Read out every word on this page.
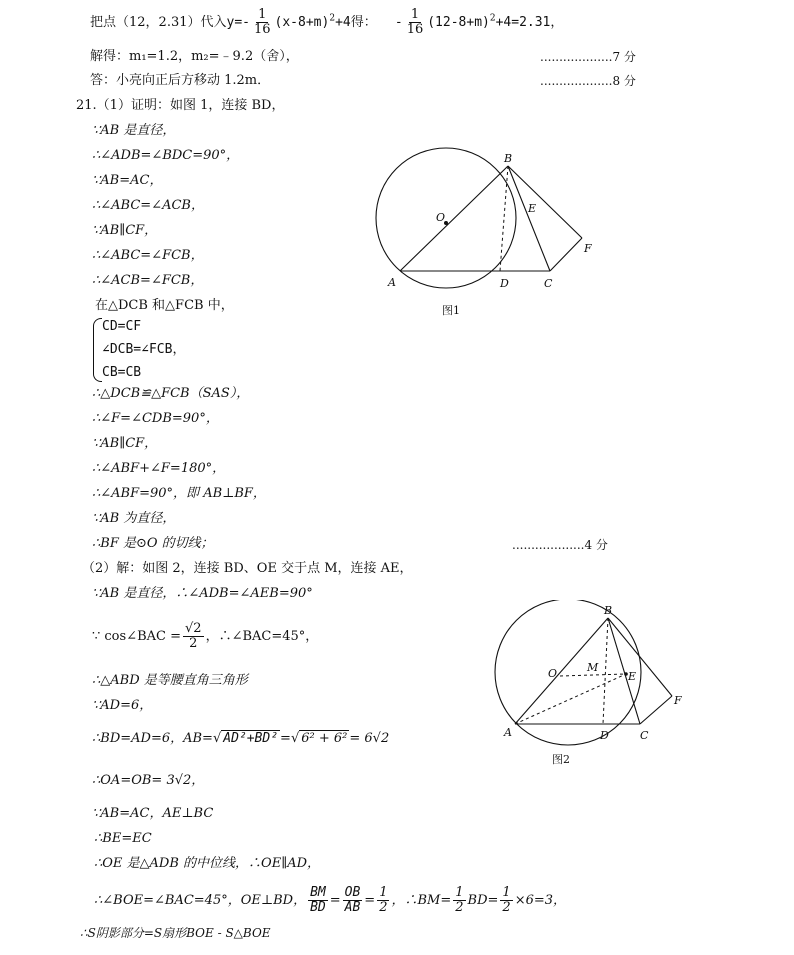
把点（12，2.31）代入$y=- \frac{1}{16} (x-8+m)^2+4$得： - $\frac{1}{16} (12-8+m)^2+4=2.31$，
解得：m₁=1.2，m₂=﹣9.2（舍），	...................7 分
答：小亮向正后方移动 1.2m．	...................8 分
21.（1）证明：如图 1，连接 BD，
∵AB 是直径，
∴∠ADB=∠BDC=90°，
∵AB=AC，
∴∠ABC=∠ACB，
∵AB∥CF，
∴∠ABC=∠FCB，
∴∠ACB=∠FCB，
在△DCB 和△FCB 中，
CD=CF
∠DCB=∠FCB，
CB=CB
∴△DCB≌△FCB（SAS），
∴∠F=∠CDB=90°，
∵AB∥CF，
∴∠ABF+∠F=180°，
∴∠ABF=90°，即 AB⊥BF，
∵AB 为直径，
∴BF 是⊙O 的切线；	...................4 分
B
O
E
F
A	D	C
图1
（2）解：如图 2，连接 BD、OE 交于点 M，连接 AE，
∵AB 是直径，∴∠ADB=∠AEB=90°
∵ cos∠BAC = $\frac{√2}{2}$ ，∴∠BAC=45°，
∴△ABD 是等腰直角三角形
∵AD=6，
∴BD=AD=6，AB=√ AD²+BD² =√ 6² + 6² = 6√2
∴OA=OB= 3√2，
∵AB=AC，AE⊥BC
∴BE=EC
∴OE 是△ADB 的中位线，∴OE∥AD，
∴∠BOE=∠BAC=45°，OE⊥BD， $\frac{BM}{BD} = \frac{OB}{AB} = \frac{1}{2}$ ，∴BM= $\frac{1}{2} BD= \frac{1}{2} \times 6=3$，
∴S阴影部分=S扇形BOE - S△BOE
B
O	M
E
F
A	D	C
图2
